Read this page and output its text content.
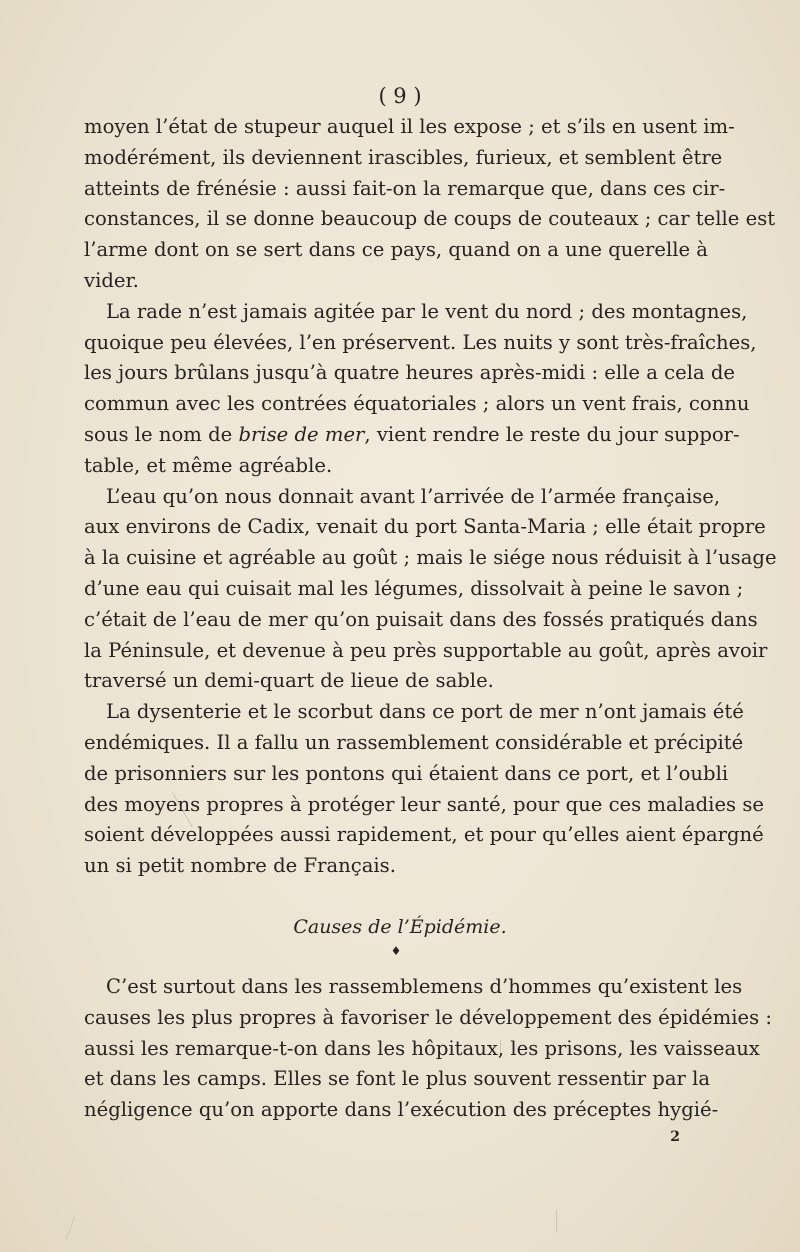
( 9 )
moyen l’état de stupeur auquel il les expose ; et s’ils en usent im-
modérément, ils deviennent irascibles, furieux, et semblent être
atteints de frénésie : aussi fait-on la remarque que, dans ces cir-
constances, il se donne beaucoup de coups de couteaux ; car telle est
l’arme dont on se sert dans ce pays, quand on a une querelle à
vider.
La rade n’est jamais agitée par le vent du nord ; des montagnes,
quoique peu élevées, l’en préservent. Les nuits y sont très-fraîches,
les jours brûlans jusqu’à quatre heures après-midi : elle a cela de
commun avec les contrées équatoriales ; alors un vent frais, connu
sous le nom de brise de mer, vient rendre le reste du jour suppor-
table, et même agréable.
L’eau qu’on nous donnait avant l’arrivée de l’armée française,
aux environs de Cadix, venait du port Santa-Maria ; elle était propre
à la cuisine et agréable au goût ; mais le siége nous réduisit à l’usage
d’une eau qui cuisait mal les légumes, dissolvait à peine le savon ;
c’était de l’eau de mer qu’on puisait dans des fossés pratiqués dans
la Péninsule, et devenue à peu près supportable au goût, après avoir
traversé un demi-quart de lieue de sable.
La dysenterie et le scorbut dans ce port de mer n’ont jamais été
endémiques. Il a fallu un rassemblement considérable et précipité
de prisonniers sur les pontons qui étaient dans ce port, et l’oubli
des moyens propres à protéger leur santé, pour que ces maladies se
soient développées aussi rapidement, et pour qu’elles aient épargné
un si petit nombre de Français.
Causes de l’Épidémie.
♦
C’est surtout dans les rassemblemens d’hommes qu’existent les
causes les plus propres à favoriser le développement des épidémies :
aussi les remarque-t-on dans les hôpitaux, les prisons, les vaisseaux
et dans les camps. Elles se font le plus souvent ressentir par la
négligence qu’on apporte dans l’exécution des préceptes hygié-
2
